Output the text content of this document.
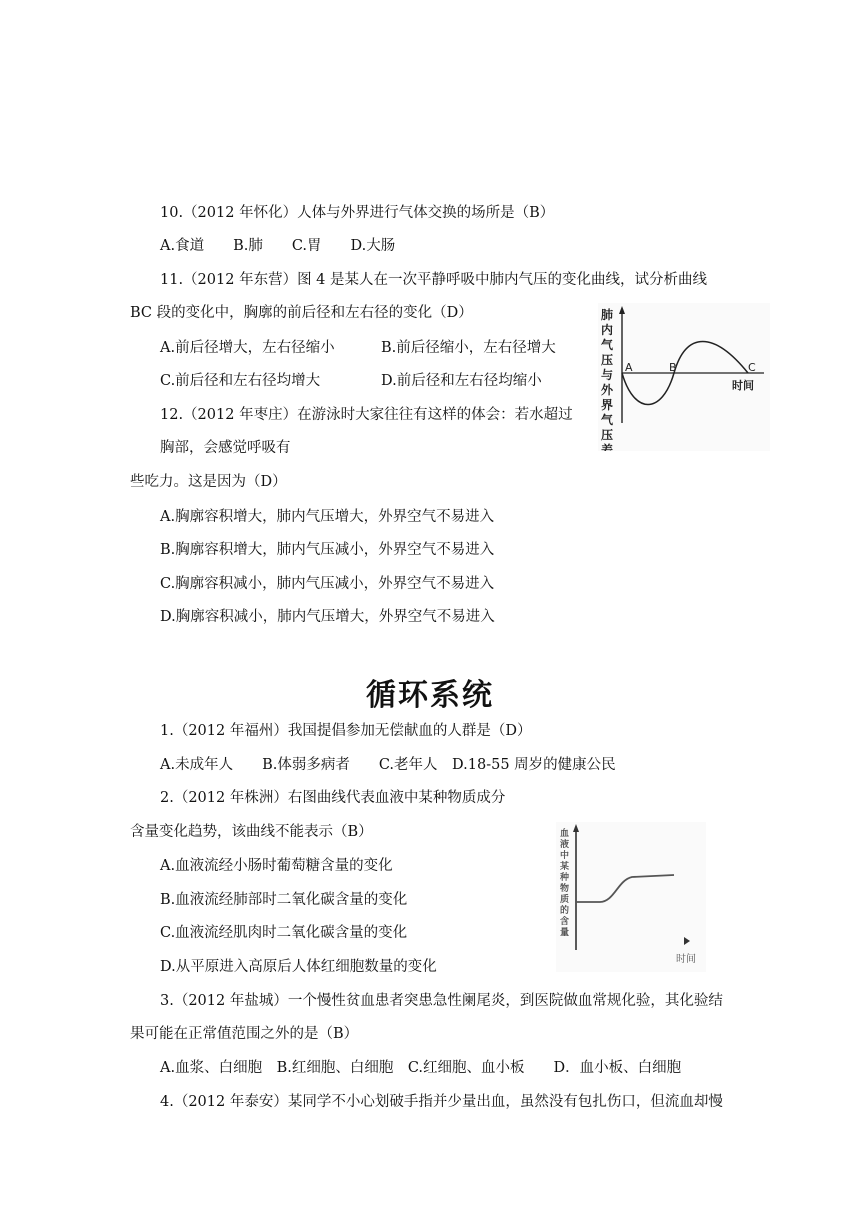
10.（2012 年怀化）人体与外界进行气体交换的场所是（B）
A.食道　　B.肺　　C.胃　　D.大肠
11.（2012 年东营）图 4 是某人在一次平静呼吸中肺内气压的变化曲线，试分析曲线
BC 段的变化中，胸廓的前后径和左右径的变化（D）
A.前后径增大，左右径缩小	B.前后径缩小，左右径增大
C.前后径和左右径均增大	D.前后径和左右径均缩小
肺 内 气 压 与 外 界 气 压 差
A	B	C
时间
12.（2012 年枣庄）在游泳时大家往往有这样的体会：若水超过
胸部，会感觉呼吸有
些吃力。这是因为（D）
A.胸廓容积增大，肺内气压增大，外界空气不易进入
B.胸廓容积增大，肺内气压减小，外界空气不易进入
C.胸廓容积减小，肺内气压减小，外界空气不易进入
D.胸廓容积减小，肺内气压增大，外界空气不易进入
循环系统
1.（2012 年福州）我国提倡参加无偿献血的人群是（D）
A.未成年人　　B.体弱多病者　　C.老年人　D.18-55 周岁的健康公民
2.（2012 年株洲）右图曲线代表血液中某种物质成分
含量变化趋势，该曲线不能表示（B）
A.血液流经小肠时葡萄糖含量的变化
B.血液流经肺部时二氧化碳含量的变化
C.血液流经肌肉时二氧化碳含量的变化
D.从平原进入高原后人体红细胞数量的变化
血 液 中 某 种 物 质 的 含 量
时间
3.（2012 年盐城）一个慢性贫血患者突患急性阑尾炎，到医院做血常规化验，其化验结
果可能在正常值范围之外的是（B）
A.血浆、白细胞　B.红细胞、白细胞　C.红细胞、血小板　　D．血小板、白细胞
4.（2012 年泰安）某同学不小心划破手指并少量出血，虽然没有包扎伤口，但流血却慢
